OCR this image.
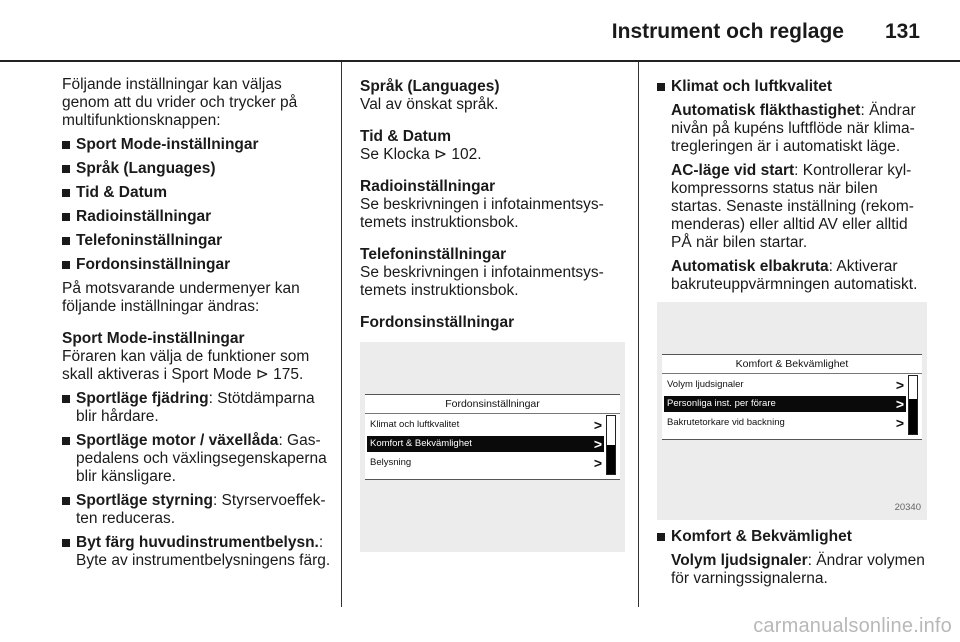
Instrument och reglage 131

Följande inställningar kan väljas genom att du vrider och trycker på multifunktionsknappen:

Sport Mode-inställningar
Språk (Languages)
Tid & Datum
Radioinställningar
Telefoninställningar
Fordonsinställningar

På motsvarande undermenyer kan följande inställningar ändras:

Sport Mode-inställningar

Föraren kan välja de funktioner som skall aktiveras i Sport Mode ⊳ 175.

Sportläge fjädring: Stötdämparna blir hårdare.
Sportläge motor / växellåda: Gaspedalens och växlingsegenskaperna blir känsligare.
Sportläge styrning: Styrservoeffekten reduceras.
Byt färg huvudinstrumentbelysn.: Byte av instrumentbelysningens färg.

Språk (Languages)

Val av önskat språk.

Tid & Datum

Se Klocka ⊳ 102.

Radioinställningar

Se beskrivningen i infotainmentsystemets instruktionsbok.

Telefoninställningar

Se beskrivningen i infotainmentsystemets instruktionsbok.

Fordonsinställningar

Fordonsinställningar
Klimat och luftkvalitet	>
Komfort & Bekvämlighet	>
Belysning	>
Klimat och luftkvalitet

Automatisk fläkthastighet: Ändrar nivån på kupéns luftflöde när klimatregleringen är i automatiskt läge.

AC-läge vid start: Kontrollerar kylkompressorns status när bilen startas. Senaste inställning (rekommenderas) eller alltid AV eller alltid PÅ när bilen startar.

Automatisk elbakruta: Aktiverar bakruteuppvärmningen automatiskt.

Komfort & Bekvämlighet
Volym ljudsignaler	>
Personliga inst. per förare	>
Bakrutetorkare vid backning	>
20340
Komfort & Bekvämlighet

Volym ljudsignaler: Ändrar volymen för varningssignalerna.

carmanualsonline.info
